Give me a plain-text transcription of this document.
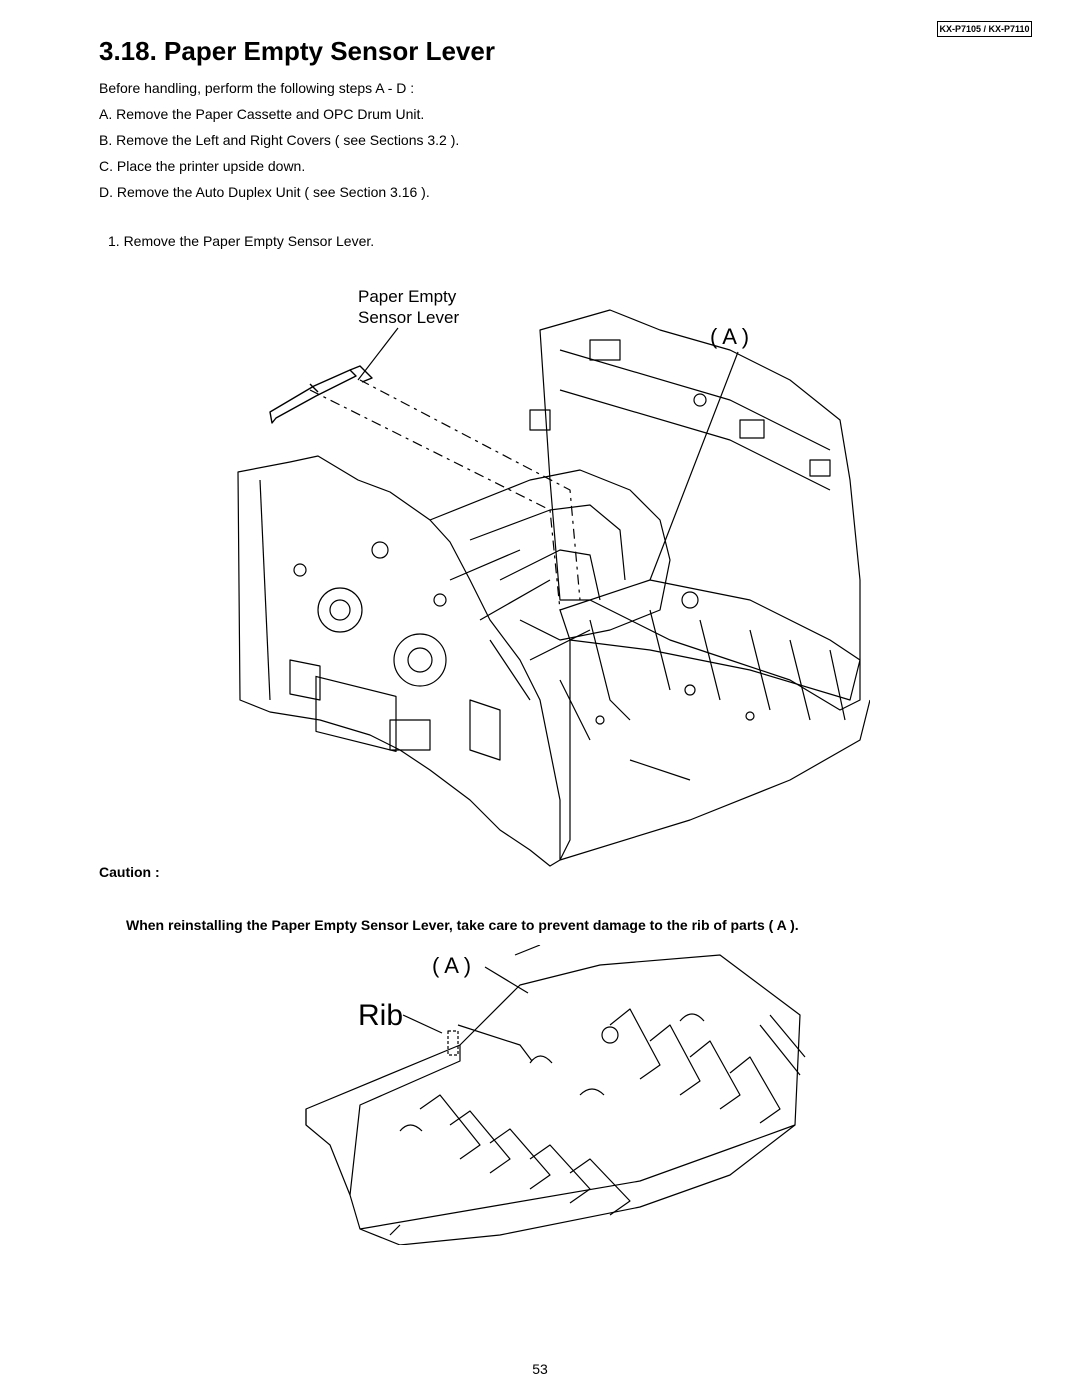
KX-P7105 / KX-P7110
3.18. Paper Empty Sensor Lever

Before handling, perform the following steps A - D :

A. Remove the Paper Cassette and OPC Drum Unit.

B. Remove the Left and Right Covers ( see Sections 3.2 ).

C. Place the printer upside down.

D. Remove the Auto Duplex Unit ( see Section 3.16 ).

1. Remove the Paper Empty Sensor Lever.

Paper Empty
Sensor Lever
( A )

Caution :

When reinstalling the Paper Empty Sensor Lever, take care to prevent damage to the rib of parts ( A ).

( A )
Rib

53
